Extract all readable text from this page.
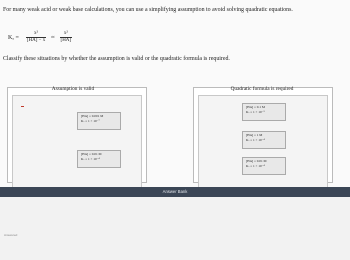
For many weak acid or weak base calculations, you can use a simplifying assumption to avoid solving quadratic equations.
$K_a = \frac{\text{x²}}{[HA] - x} \approx \frac{\text{x²}}{[HA]}$
Classify these situations by whether the assumption is valid or the quadratic formula is required.
Assumption is valid
[HA] = 0.001 M
Kₐ = 1 × 10⁻⁷
[HA] = 0.01 M
Kₐ = 1 × 10⁻⁴
Quadratic formula is required
[HA] = 0.1 M
Kₐ = 1 × 10⁻³
[HA] = 1 M
Kₐ = 1 × 10⁻⁴
[HA] = 0.01 M
Kₐ = 1 × 10⁻⁴
Answer Bank
Answered
